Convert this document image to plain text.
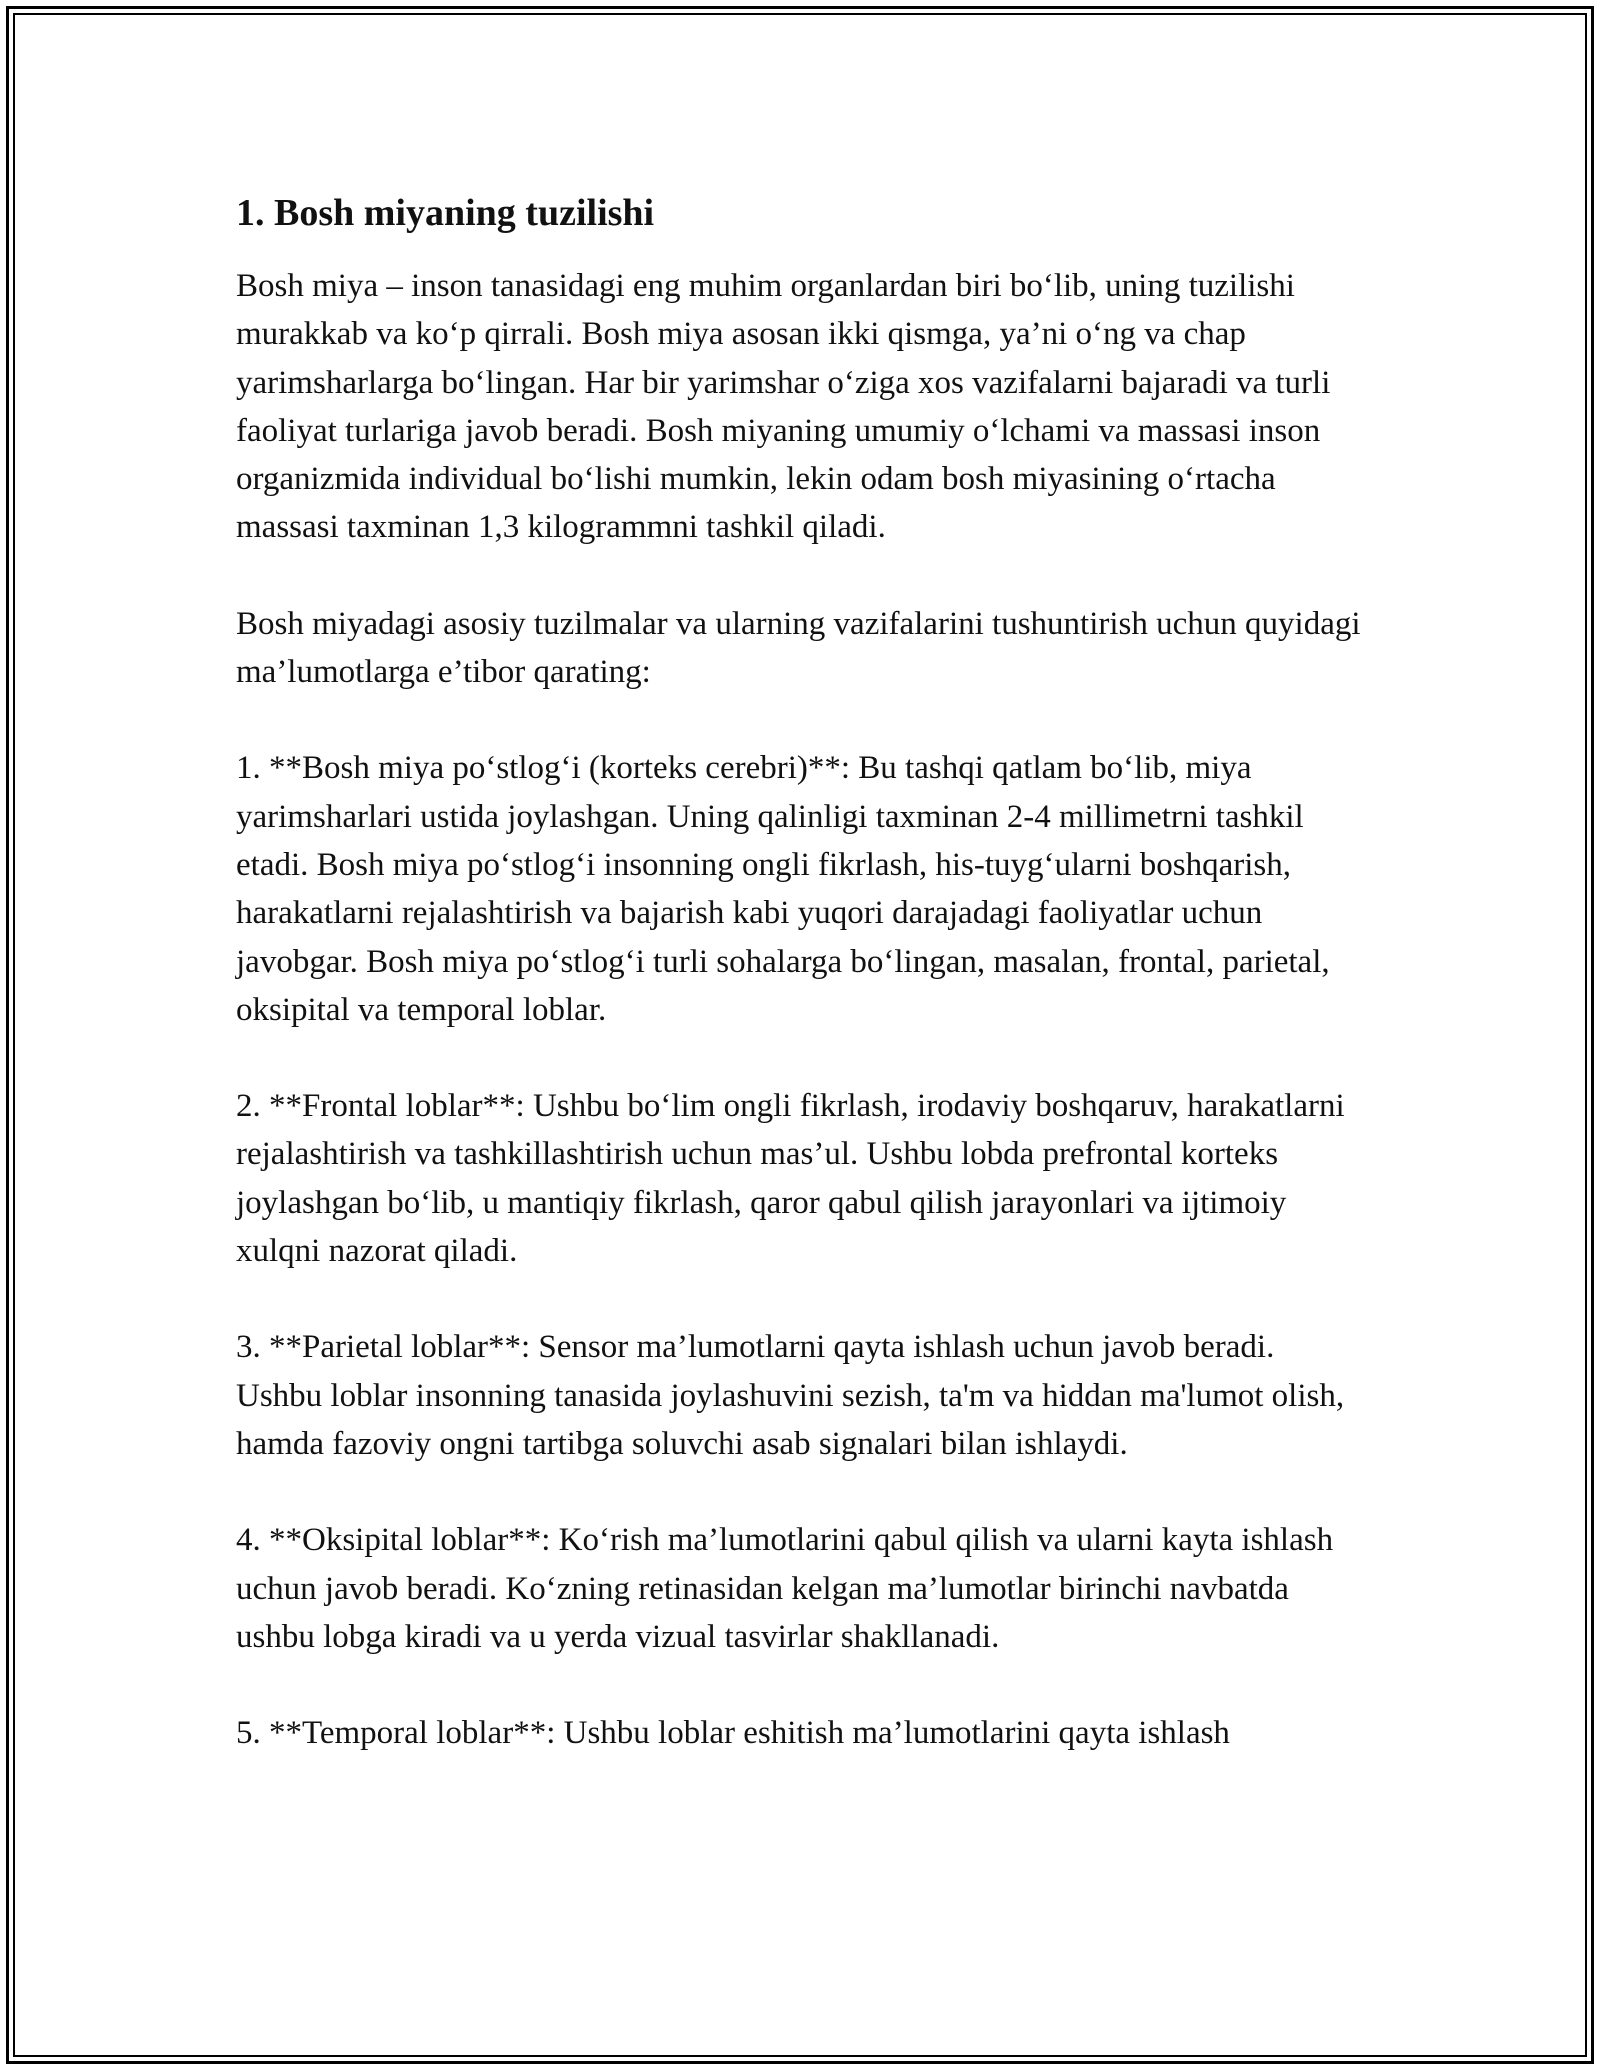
1. Bosh miyaning tuzilishi

Bosh miya – inson tanasidagi eng muhim organlardan biri bo‘lib, uning tuzilishi murakkab va ko‘p qirrali. Bosh miya asosan ikki qismga, ya’ni o‘ng va chap yarimsharlarga bo‘lingan. Har bir yarimshar o‘ziga xos vazifalarni bajaradi va turli faoliyat turlariga javob beradi. Bosh miyaning umumiy o‘lchami va massasi inson organizmida individual bo‘lishi mumkin, lekin odam bosh miyasining o‘rtacha massasi taxminan 1,3 kilogrammni tashkil qiladi.

Bosh miyadagi asosiy tuzilmalar va ularning vazifalarini tushuntirish uchun quyidagi ma’lumotlarga e’tibor qarating:

1. **Bosh miya po‘stlog‘i (korteks cerebri)**: Bu tashqi qatlam bo‘lib, miya yarimsharlari ustida joylashgan. Uning qalinligi taxminan 2-4 millimetrni tashkil etadi. Bosh miya po‘stlog‘i insonning ongli fikrlash, his-tuyg‘ularni boshqarish, harakatlarni rejalashtirish va bajarish kabi yuqori darajadagi faoliyatlar uchun javobgar. Bosh miya po‘stlog‘i turli sohalarga bo‘lingan, masalan, frontal, parietal, oksipital va temporal loblar.

2. **Frontal loblar**: Ushbu bo‘lim ongli fikrlash, irodaviy boshqaruv, harakatlarni rejalashtirish va tashkillashtirish uchun mas’ul. Ushbu lobda prefrontal korteks joylashgan bo‘lib, u mantiqiy fikrlash, qaror qabul qilish jarayonlari va ijtimoiy xulqni nazorat qiladi.

3. **Parietal loblar**: Sensor ma’lumotlarni qayta ishlash uchun javob beradi. Ushbu loblar insonning tanasida joylashuvini sezish, ta'm va hiddan ma'lumot olish, hamda fazoviy ongni tartibga soluvchi asab signalari bilan ishlaydi.

4. **Oksipital loblar**: Ko‘rish ma’lumotlarini qabul qilish va ularni kayta ishlash uchun javob beradi. Ko‘zning retinasidan kelgan ma’lumotlar birinchi navbatda ushbu lobga kiradi va u yerda vizual tasvirlar shakllanadi.

5. **Temporal loblar**: Ushbu loblar eshitish ma’lumotlarini qayta ishlash
